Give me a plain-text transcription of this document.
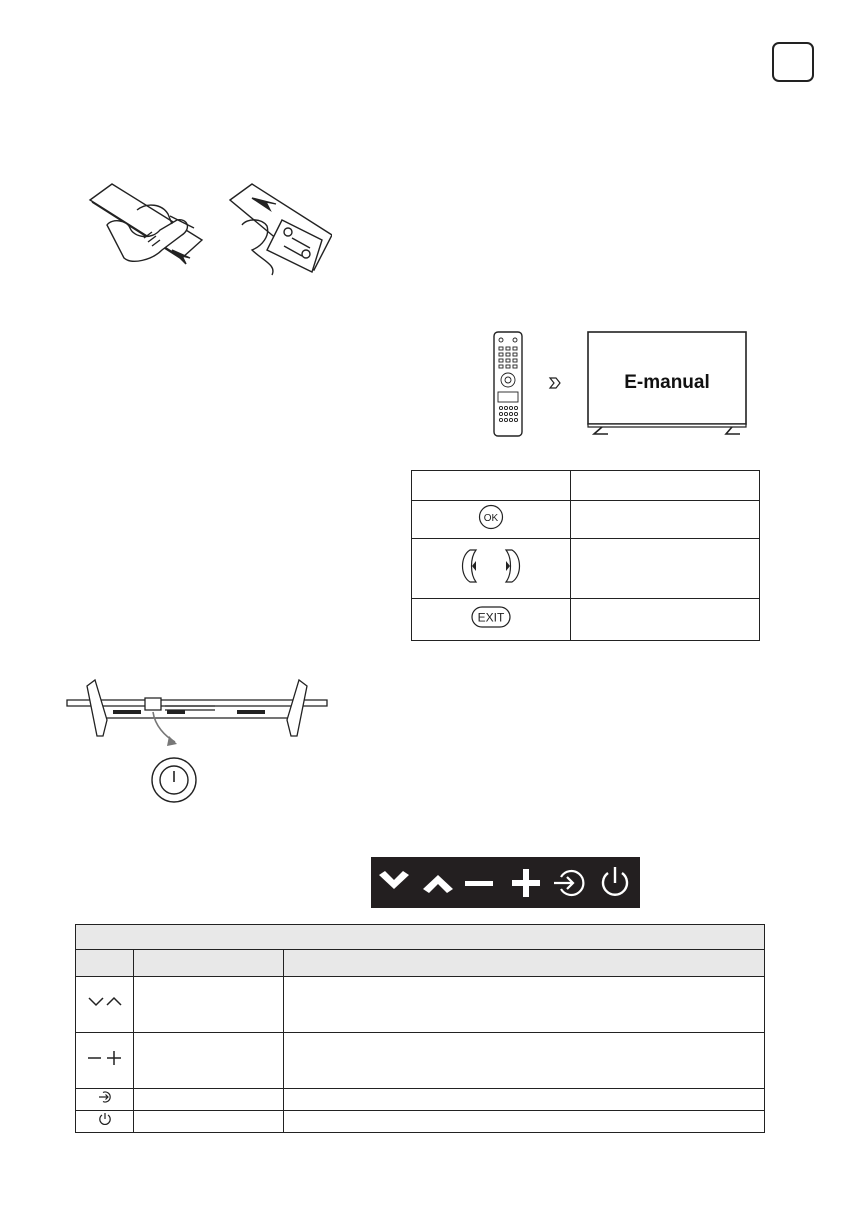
E-manual

OK	

EXIT	
